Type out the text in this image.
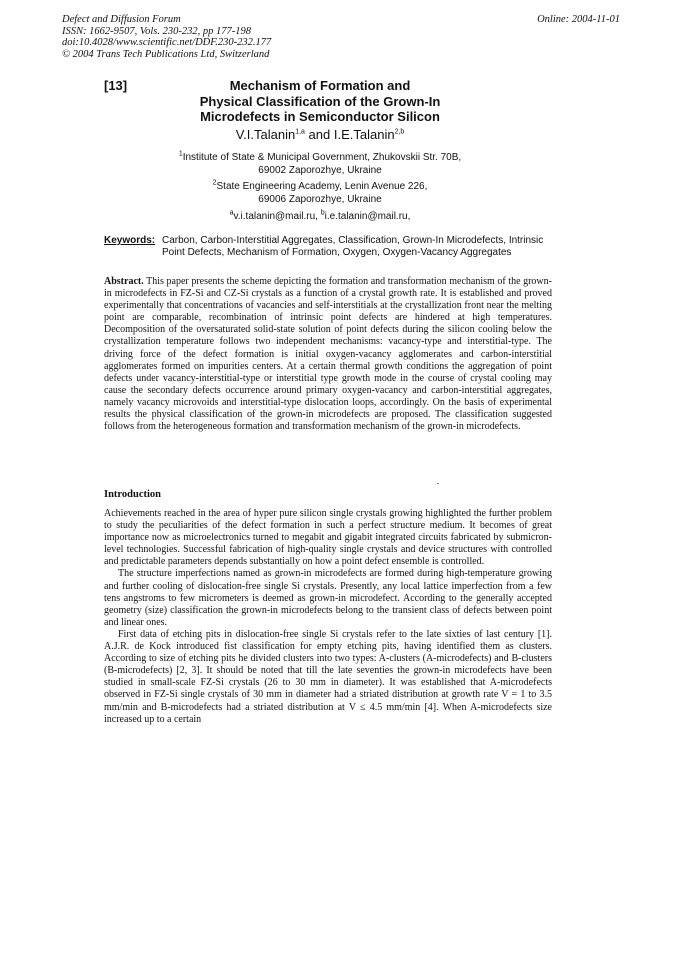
Defect and Diffusion Forum
ISSN: 1662-9507, Vols. 230-232, pp 177-198
doi:10.4028/www.scientific.net/DDF.230-232.177
© 2004 Trans Tech Publications Ltd, Switzerland
Online: 2004-11-01
[13]	Mechanism of Formation and
Physical Classification of the Grown-In
Microdefects in Semiconductor Silicon
V.I.Talanin$^{1,a}$ and I.E.Talanin$^{2,b}$
$^1$Institute of State & Municipal Government, Zhukovskii Str. 70B,
69002 Zaporozhye, Ukraine
$^2$State Engineering Academy, Lenin Avenue 226,
69006 Zaporozhye, Ukraine
$^a$v.i.talanin@mail.ru, $^b$i.e.talanin@mail.ru,
Keywords: Carbon, Carbon-Interstitial Aggregates, Classification, Grown-In Microdefects, Intrinsic Point Defects, Mechanism of Formation, Oxygen, Oxygen-Vacancy Aggregates
Abstract. This paper presents the scheme depicting the formation and transformation mechanism of the grown-in microdefects in FZ-Si and CZ-Si crystals as a function of a crystal growth rate. It is established and proved experimentally that concentrations of vacancies and self-interstitials at the crystallization front near the melting point are comparable, recombination of intrinsic point defects are hindered at high temperatures. Decomposition of the oversaturated solid-state solution of point defects during the silicon cooling below the crystallization temperature follows two independent mechanisms: vacancy-type and interstitial-type. The driving force of the defect formation is initial oxygen-vacancy agglomerates and carbon-interstitial agglomerates formed on impurities centers. At a certain thermal growth conditions the aggregation of point defects under vacancy-interstitial-type or interstitial type growth mode in the course of crystal cooling may cause the secondary defects occurrence around primary oxygen-vacancy and carbon-interstitial aggregates, namely vacancy microvoids and interstitial-type dislocation loops, accordingly. On the basis of experimental results the physical classification of the grown-in microdefects are proposed. The classification suggested follows from the heterogeneous formation and transformation mechanism of the grown-in microdefects.
Introduction

Achievements reached in the area of hyper pure silicon single crystals growing highlighted the further problem to study the peculiarities of the defect formation in such a perfect structure medium. It becomes of great importance now as microelectronics turned to megabit and gigabit integrated circuits fabricated by submicron-level technologies. Successful fabrication of high-quality single crystals and device structures with controlled and predictable parameters depends substantially on how a point defect ensemble is controlled.

The structure imperfections named as grown-in microdefects are formed during high-temperature growing and further cooling of dislocation-free single Si crystals. Presently, any local lattice imperfection from a few tens angstroms to few micrometers is deemed as grown-in microdefect. According to the generally accepted geometry (size) classification the grown-in microdefects belong to the transient class of defects between point and linear ones.

First data of etching pits in dislocation-free single Si crystals refer to the late sixties of last century [1]. A.J.R. de Kock introduced fist classification for empty etching pits, having identified them as clusters. According to size of etching pits he divided clusters into two types: A-clusters (A-microdefects) and B-clusters (B-microdefects) [2, 3]. It should be noted that till the late seventies the grown-in microdefects have been studied in small-scale FZ-Si crystals (26 to 30 mm in diameter). It was established that A-microdefects observed in FZ-Si single crystals of 30 mm in diameter had a striated distribution at growth rate V = 1 to 3.5 mm/min and B-microdefects had a striated distribution at V ≤ 4.5 mm/min [4]. When A-microdefects size increased up to a certain
